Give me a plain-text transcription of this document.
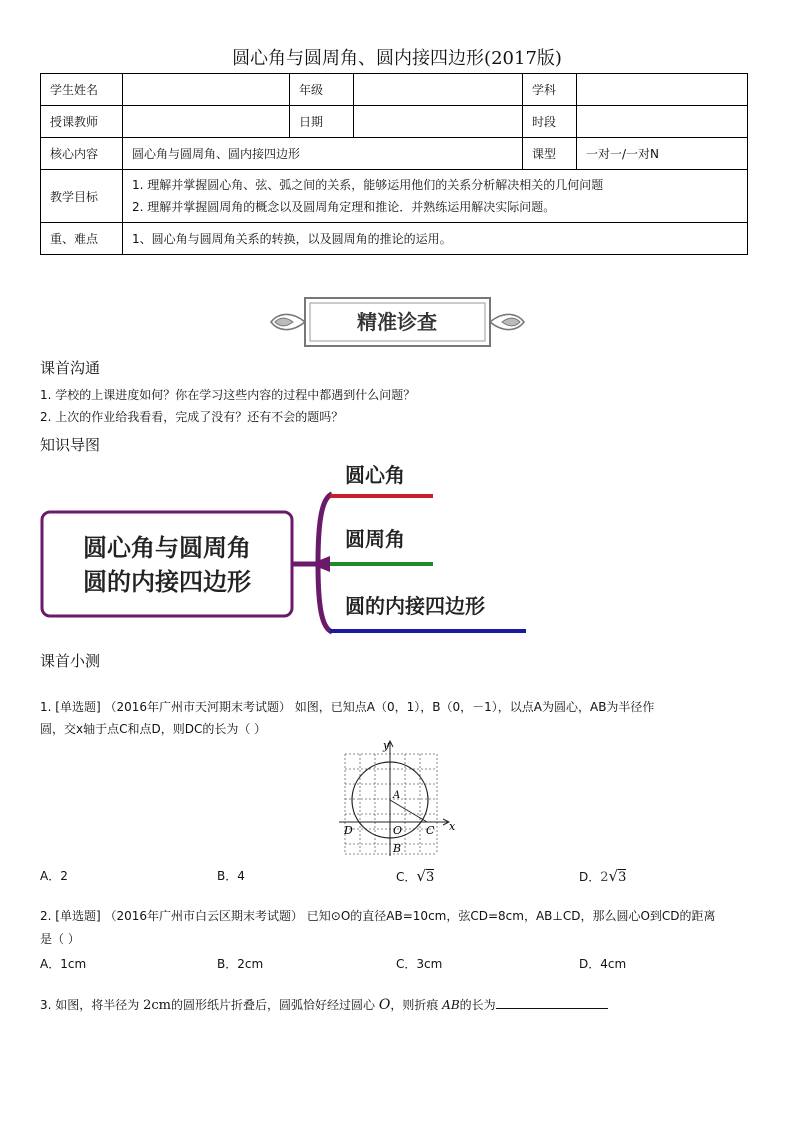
圆心角与圆周角、圆内接四边形(2017版)
学生姓名		年级		学科	
授课教师		日期		时段	
核心内容	圆心角与圆周角、圆内接四边形			课型	一对一/一对N
教学目标	1. 理解并掌握圆心角、弦、弧之间的关系，能够运用他们的关系分析解决相关的几何问题
2. 理解并掌握圆周角的概念以及圆周角定理和推论．并熟练运用解决实际问题。				

重、难点	1、圆心角与圆周角关系的转换，以及圆周角的推论的运用。				
精准诊查
课首沟通
1. 学校的上课进度如何？你在学习这些内容的过程中都遇到什么问题？
2. 上次的作业给我看看，完成了没有？还有不会的题吗？
知识导图
圆心角与圆周角
圆的内接四边形
圆心角
圆周角
圆的内接四边形
课首小测
1. [单选题] （2016年广州市天河期末考试题） 如图，已知点A（0，1），B（0，－1），以点A为圆心，AB为半径作
圆，交x轴于点C和点D，则DC的长为（ ）
y
x
A
O
D	C
B
A．2	B．4	C．√3	D．2√3
2. [单选题] （2016年广州市白云区期末考试题） 已知⊙O的直径AB=10cm，弦CD=8cm，AB⊥CD，那么圆心O到CD的距离
是（ ）
A．1cm	B．2cm	C．3cm	D．4cm
3. 如图，将半径为 2cm的圆形纸片折叠后，圆弧恰好经过圆心 O，则折痕 AB的长为
